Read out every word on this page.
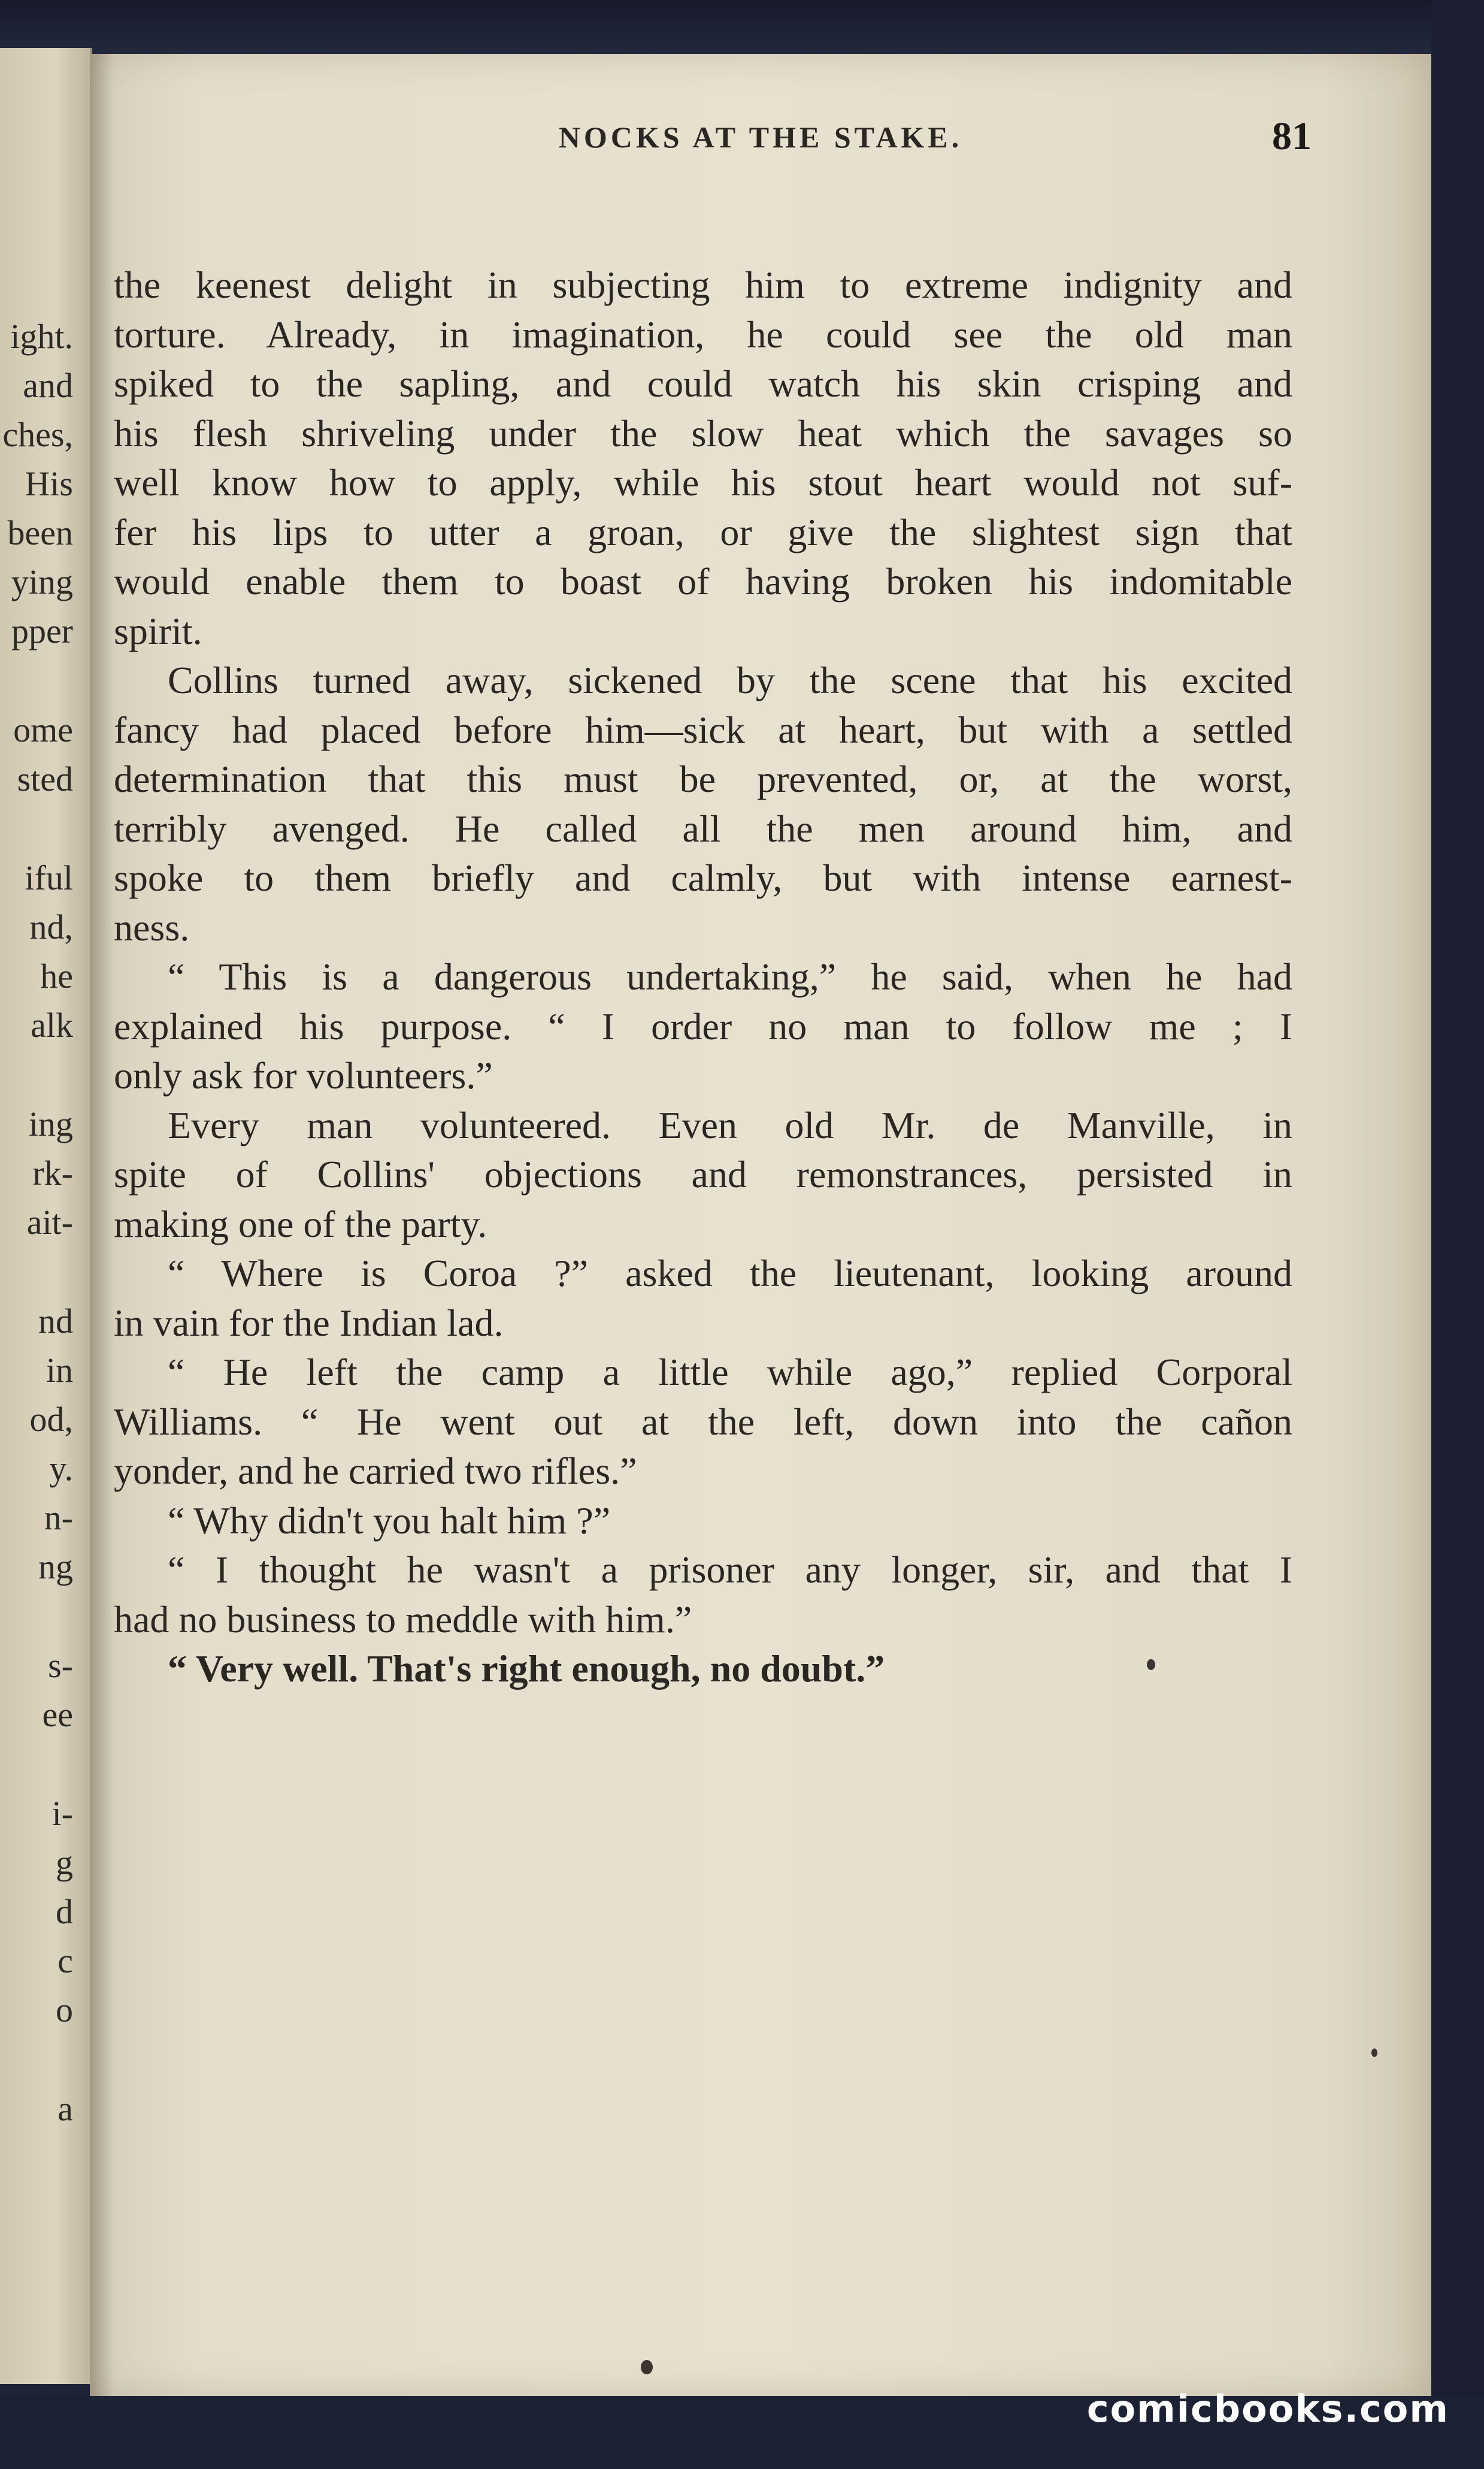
ight.
and
ches,
His
been
ying
pper
ome
sted
iful
nd,
he
alk
ing
rk-
ait-
nd
in
od,
y.
n-
ng
s-
ee
i-
g
d
c
o
a
NOCKS AT THE STAKE.	81
the keenest delight in subjecting him to extreme indignity and
torture. Already, in imagination, he could see the old man
spiked to the sapling, and could watch his skin crisping and
his flesh shriveling under the slow heat which the savages so
well know how to apply, while his stout heart would not suf-
fer his lips to utter a groan, or give the slightest sign that
would enable them to boast of having broken his indomitable
spirit.
Collins turned away, sickened by the scene that his excited
fancy had placed before him—sick at heart, but with a settled
determination that this must be prevented, or, at the worst,
terribly avenged. He called all the men around him, and
spoke to them briefly and calmly, but with intense earnest-
ness.
“ This is a dangerous undertaking,” he said, when he had
explained his purpose. “ I order no man to follow me ; I
only ask for volunteers.”
Every man volunteered. Even old Mr. de Manville, in
spite of Collins' objections and remonstrances, persisted in
making one of the party.
“ Where is Coroa ?” asked the lieutenant, looking around
in vain for the Indian lad.
“ He left the camp a little while ago,” replied Corporal
Williams. “ He went out at the left, down into the cañon
yonder, and he carried two rifles.”
“ Why didn't you halt him ?”
“ I thought he wasn't a prisoner any longer, sir, and that I
had no business to meddle with him.”
“ Very well. That's right enough, no doubt.”
comicbooks.com
